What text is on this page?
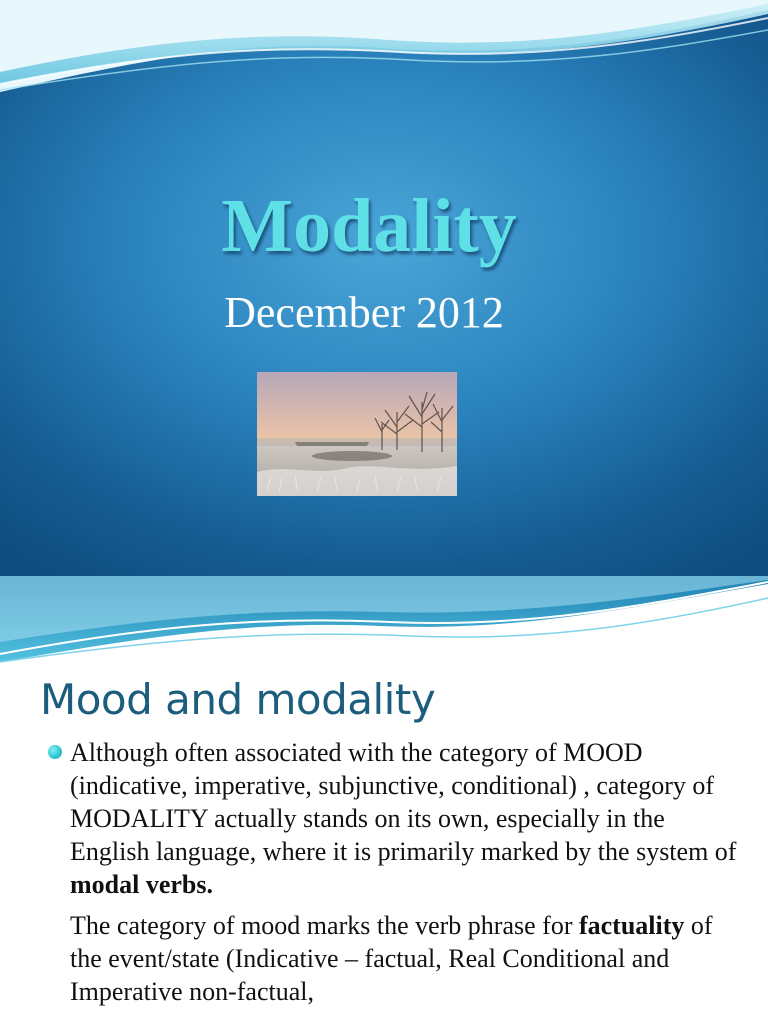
Modality
December 2012
Mood and modality
Although often associated with the category of MOOD (indicative, imperative, subjunctive, conditional) , category of MODALITY actually stands on its own, especially in the English language, where it is primarily marked by the system of modal verbs.
The category of mood marks the verb phrase for factuality of the event/state (Indicative – factual, Real Conditional and Imperative non-factual,
